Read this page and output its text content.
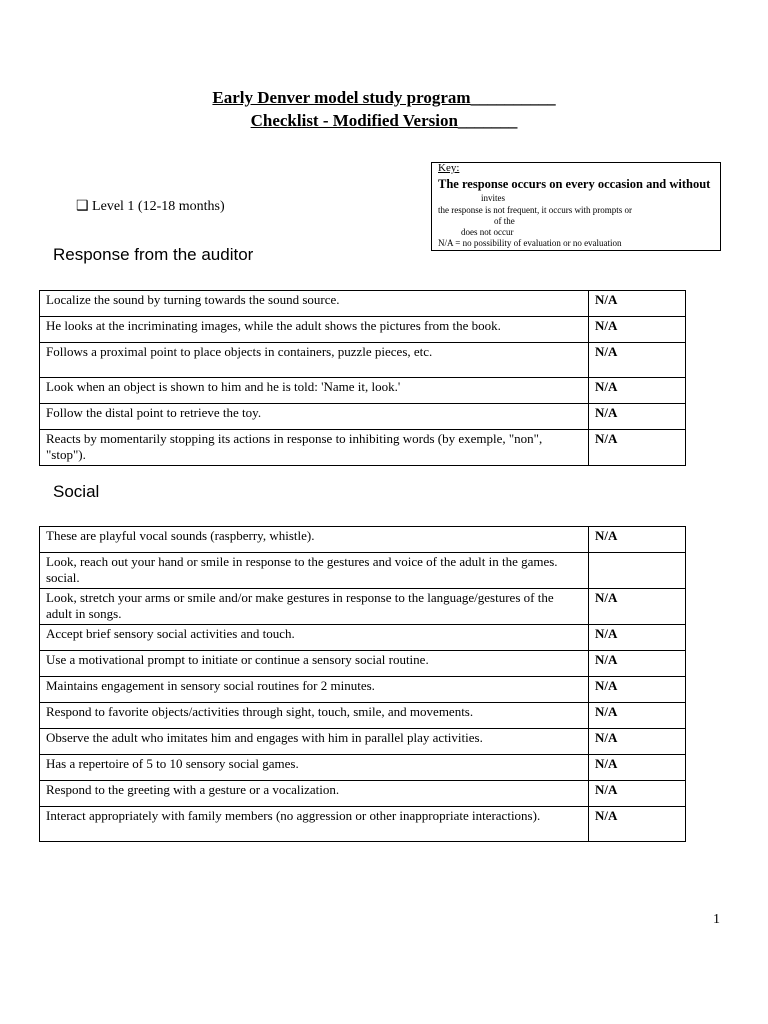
Early Denver model study program__________
Checklist - Modified Version_______
❑ Level 1 (12-18 months)
Key:
The response occurs on every occasion and without
invites
the response is not frequent, it occurs with prompts or
of the
does not occur
N/A = no possibility of evaluation or no evaluation
Response from the auditor
Localize the sound by turning towards the sound source.	N/A
He looks at the incriminating images, while the adult shows the pictures from the book.	N/A
Follows a proximal point to place objects in containers, puzzle pieces, etc.	N/A
Look when an object is shown to him and he is told: 'Name it, look.'	N/A
Follow the distal point to retrieve the toy.	N/A
Reacts by momentarily stopping its actions in response to inhibiting words (by exemple, "non", "stop").	N/A
Social
These are playful vocal sounds (raspberry, whistle).	N/A
Look, reach out your hand or smile in response to the gestures and voice of the adult in the games. social.	
Look, stretch your arms or smile and/or make gestures in response to the language/gestures of the adult in songs.	N/A
Accept brief sensory social activities and touch.	N/A
Use a motivational prompt to initiate or continue a sensory social routine.	N/A
Maintains engagement in sensory social routines for 2 minutes.	N/A
Respond to favorite objects/activities through sight, touch, smile, and movements.	N/A
Observe the adult who imitates him and engages with him in parallel play activities.	N/A
Has a repertoire of 5 to 10 sensory social games.	N/A
Respond to the greeting with a gesture or a vocalization.	N/A
Interact appropriately with family members (no aggression or other inappropriate interactions).	N/A
1
